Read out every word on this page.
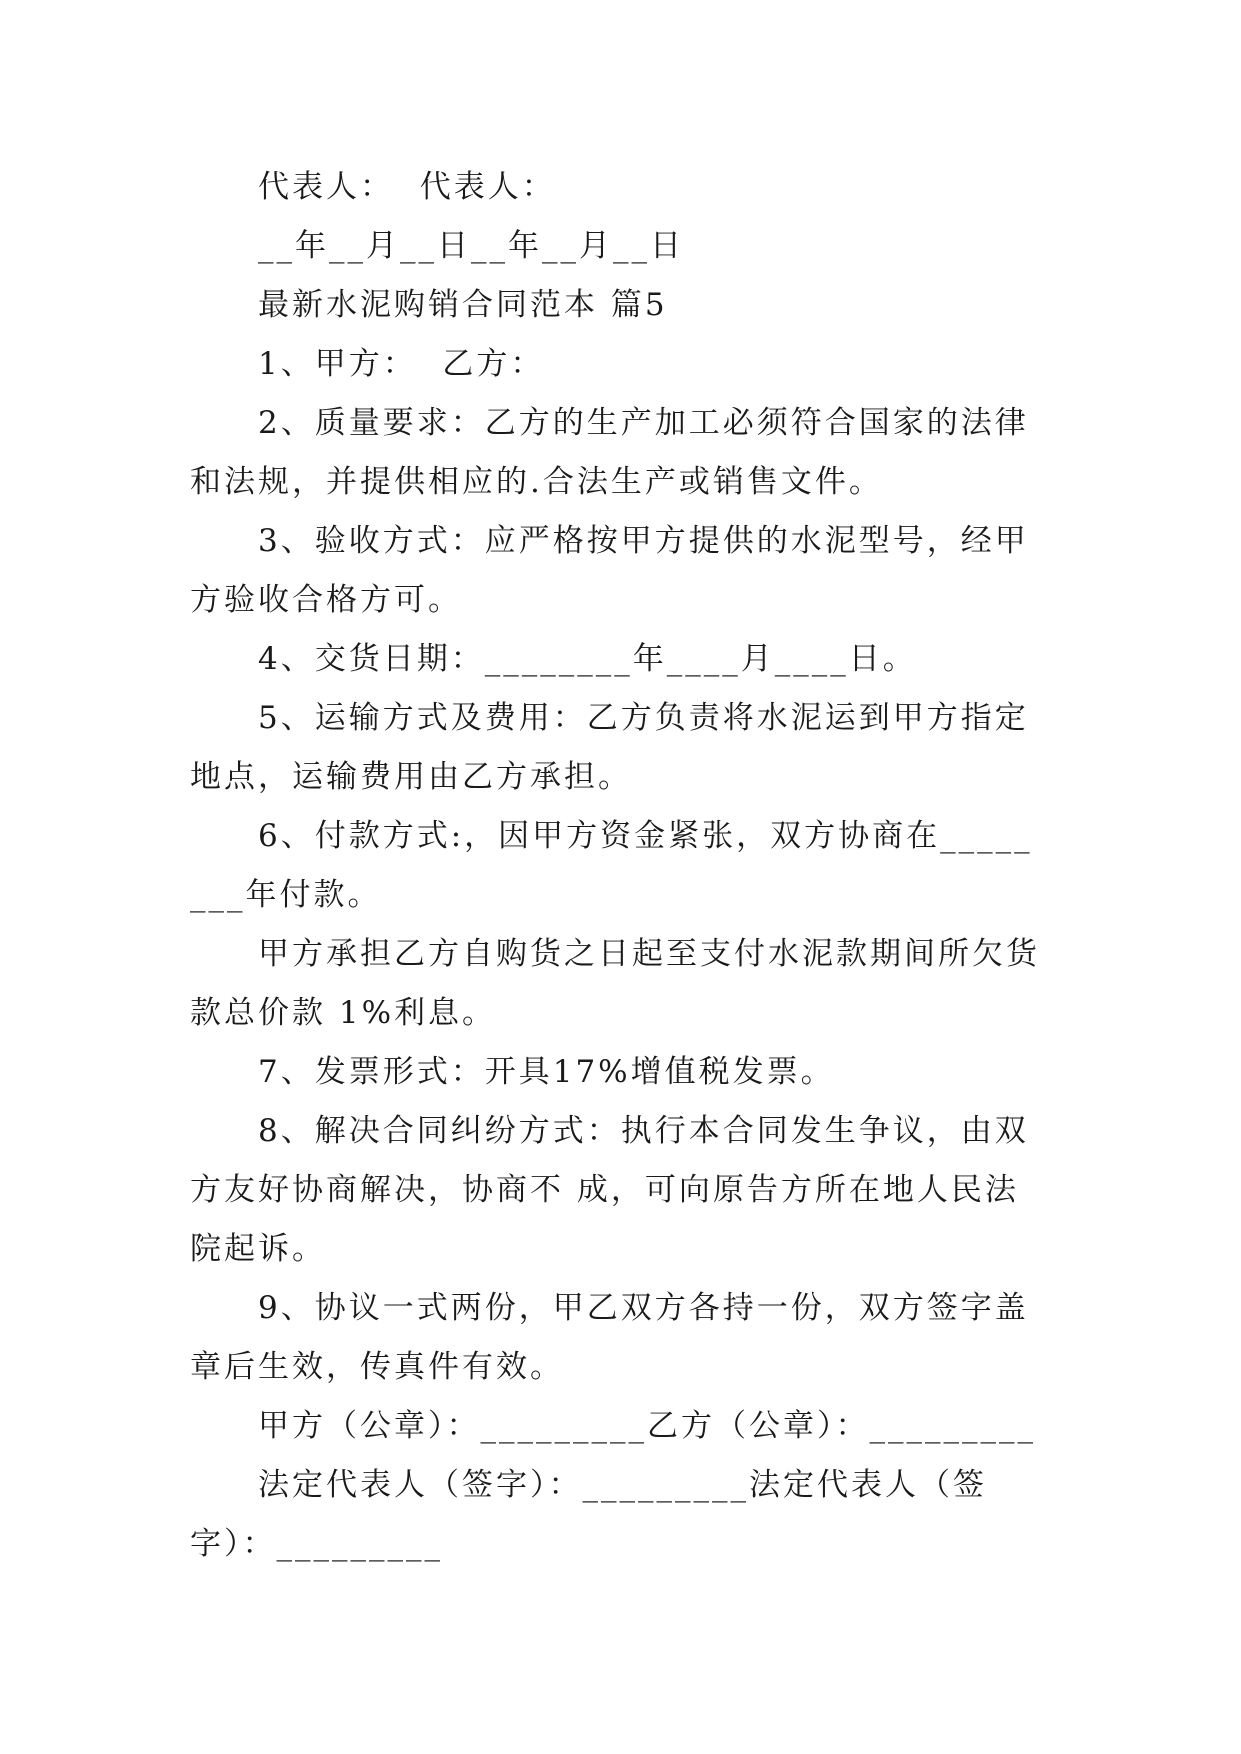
代表人：  代表人：

__年__月__日__年__月__日

最新水泥购销合同范本 篇5

1、甲方：  乙方：

2、质量要求：乙方的生产加工必须符合国家的法律和法规，并提供相应的.合法生产或销售文件。

3、验收方式：应严格按甲方提供的水泥型号，经甲方验收合格方可。

4、交货日期：________年____月____日。

5、运输方式及费用：乙方负责将水泥运到甲方指定地点，运输费用由乙方承担。

6、付款方式:，因甲方资金紧张，双方协商在________年付款。

甲方承担乙方自购货之日起至支付水泥款期间所欠货款总价款 1%利息。

7、发票形式：开具17%增值税发票。

8、解决合同纠纷方式：执行本合同发生争议，由双方友好协商解决，协商不 成，可向原告方所在地人民法院起诉。

9、协议一式两份，甲乙双方各持一份，双方签字盖章后生效，传真件有效。

甲方（公章）：_________乙方（公章）：_________

法定代表人（签字）：_________法定代表人（签字）：_________
